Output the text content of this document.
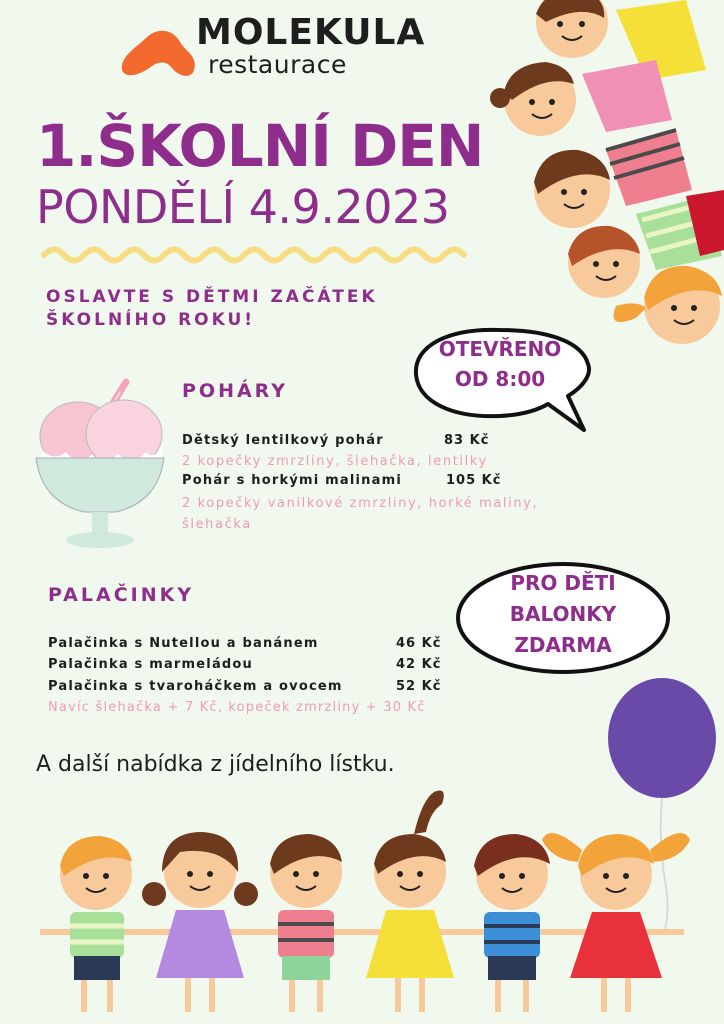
MOLEKULA
restaurace
1.ŠKOLNÍ DEN
PONDĚLÍ 4.9.2023
OSLAVTE S DĚTMI ZAČÁTEK
ŠKOLNÍHO ROKU!
OTEVŘENO
OD 8:00
POHÁRY
Dětský lentilkový pohár	83 Kč
2 kopečky zmrzliny, šlehačka, lentilky
Pohár s horkými malinami	105 Kč
2 kopečky vanilkové zmrzliny, horké maliny,
šlehačka
PALAČINKY
Palačinka s Nutellou a banánem	46 Kč
Palačinka s marmeládou	42 Kč
Palačinka s tvaroháčkem a ovocem	52 Kč
Navíc šlehačka + 7 Kč, kopeček zmrzliny + 30 Kč
PRO DĚTI
BALONKY
ZDARMA
A další nabídka z jídelního lístku.
